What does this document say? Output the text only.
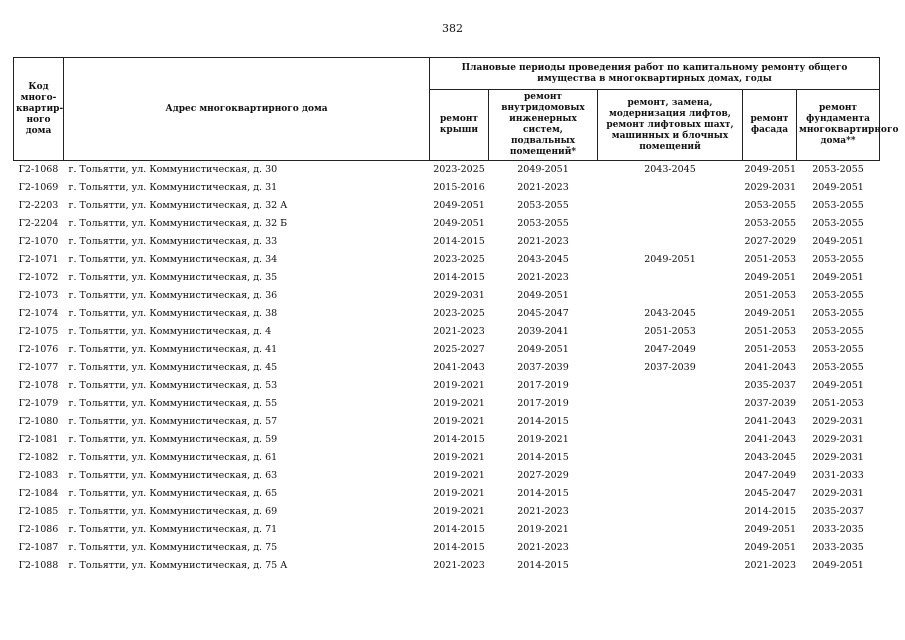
382
Код много-квартир-ного дома	Адрес многоквартирного дома	Плановые периоды проведения работ по капитальному ремонту общего имущества в многоквартирных домах, годы				
		ремонт крыши	ремонт внутридомовых инженерных систем, подвальных помещений*	ремонт, замена, модернизация лифтов, ремонт лифтовых шахт, машинных и блочных помещений	ремонт фасада	ремонт фундамента многоквартирного дома**
Г2-1068	г. Тольятти, ул. Коммунистическая, д. 30	2023-2025	2049-2051	2043-2045	2049-2051	2053-2055
Г2-1069	г. Тольятти, ул. Коммунистическая, д. 31	2015-2016	2021-2023		2029-2031	2049-2051
Г2-2203	г. Тольятти, ул. Коммунистическая, д. 32 А	2049-2051	2053-2055		2053-2055	2053-2055
Г2-2204	г. Тольятти, ул. Коммунистическая, д. 32 Б	2049-2051	2053-2055		2053-2055	2053-2055
Г2-1070	г. Тольятти, ул. Коммунистическая, д. 33	2014-2015	2021-2023		2027-2029	2049-2051
Г2-1071	г. Тольятти, ул. Коммунистическая, д. 34	2023-2025	2043-2045	2049-2051	2051-2053	2053-2055
Г2-1072	г. Тольятти, ул. Коммунистическая, д. 35	2014-2015	2021-2023		2049-2051	2049-2051
Г2-1073	г. Тольятти, ул. Коммунистическая, д. 36	2029-2031	2049-2051		2051-2053	2053-2055
Г2-1074	г. Тольятти, ул. Коммунистическая, д. 38	2023-2025	2045-2047	2043-2045	2049-2051	2053-2055
Г2-1075	г. Тольятти, ул. Коммунистическая, д. 4	2021-2023	2039-2041	2051-2053	2051-2053	2053-2055
Г2-1076	г. Тольятти, ул. Коммунистическая, д. 41	2025-2027	2049-2051	2047-2049	2051-2053	2053-2055
Г2-1077	г. Тольятти, ул. Коммунистическая, д. 45	2041-2043	2037-2039	2037-2039	2041-2043	2053-2055
Г2-1078	г. Тольятти, ул. Коммунистическая, д. 53	2019-2021	2017-2019		2035-2037	2049-2051
Г2-1079	г. Тольятти, ул. Коммунистическая, д. 55	2019-2021	2017-2019		2037-2039	2051-2053
Г2-1080	г. Тольятти, ул. Коммунистическая, д. 57	2019-2021	2014-2015		2041-2043	2029-2031
Г2-1081	г. Тольятти, ул. Коммунистическая, д. 59	2014-2015	2019-2021		2041-2043	2029-2031
Г2-1082	г. Тольятти, ул. Коммунистическая, д. 61	2019-2021	2014-2015		2043-2045	2029-2031
Г2-1083	г. Тольятти, ул. Коммунистическая, д. 63	2019-2021	2027-2029		2047-2049	2031-2033
Г2-1084	г. Тольятти, ул. Коммунистическая, д. 65	2019-2021	2014-2015		2045-2047	2029-2031
Г2-1085	г. Тольятти, ул. Коммунистическая, д. 69	2019-2021	2021-2023		2014-2015	2035-2037
Г2-1086	г. Тольятти, ул. Коммунистическая, д. 71	2014-2015	2019-2021		2049-2051	2033-2035
Г2-1087	г. Тольятти, ул. Коммунистическая, д. 75	2014-2015	2021-2023		2049-2051	2033-2035
Г2-1088	г. Тольятти, ул. Коммунистическая, д. 75 А	2021-2023	2014-2015		2021-2023	2049-2051
